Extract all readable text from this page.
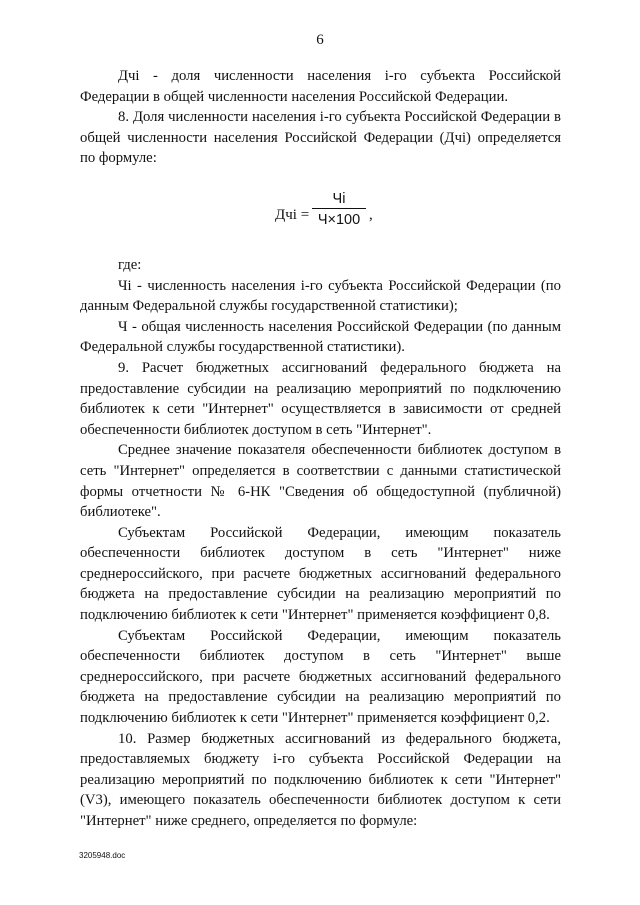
6

Дчi - доля численности населения i-го субъекта Российской Федерации в общей численности населения Российской Федерации.

8. Доля численности населения i-го субъекта Российской Федерации в общей численности населения Российской Федерации (Дчi) определяется по формуле:

Дчi =
Чi
Ч×100 ,

где:

Чi - численность населения i-го субъекта Российской Федерации (по данным Федеральной службы государственной статистики);

Ч - общая численность населения Российской Федерации (по данным Федеральной службы государственной статистики).

9. Расчет бюджетных ассигнований федерального бюджета на предоставление субсидии на реализацию мероприятий по подключению библиотек к сети "Интернет" осуществляется в зависимости от средней обеспеченности библиотек доступом в сеть "Интернет".

Среднее значение показателя обеспеченности библиотек доступом в сеть "Интернет" определяется в соответствии с данными статистической формы отчетности № 6-НК "Сведения об общедоступной (публичной) библиотеке".

Субъектам Российской Федерации, имеющим показатель обеспеченности библиотек доступом в сеть "Интернет" ниже среднероссийского, при расчете бюджетных ассигнований федерального бюджета на предоставление субсидии на реализацию мероприятий по подключению библиотек к сети "Интернет" применяется коэффициент 0,8.

Субъектам Российской Федерации, имеющим показатель обеспеченности библиотек доступом в сеть "Интернет" выше среднероссийского, при расчете бюджетных ассигнований федерального бюджета на предоставление субсидии на реализацию мероприятий по подключению библиотек к сети "Интернет" применяется коэффициент 0,2.

10. Размер бюджетных ассигнований из федерального бюджета, предоставляемых бюджету i-го субъекта Российской Федерации на реализацию мероприятий по подключению библиотек к сети "Интернет" (V3), имеющего показатель обеспеченности библиотек доступом к сети "Интернет" ниже среднего, определяется по формуле:

3205948.doc
